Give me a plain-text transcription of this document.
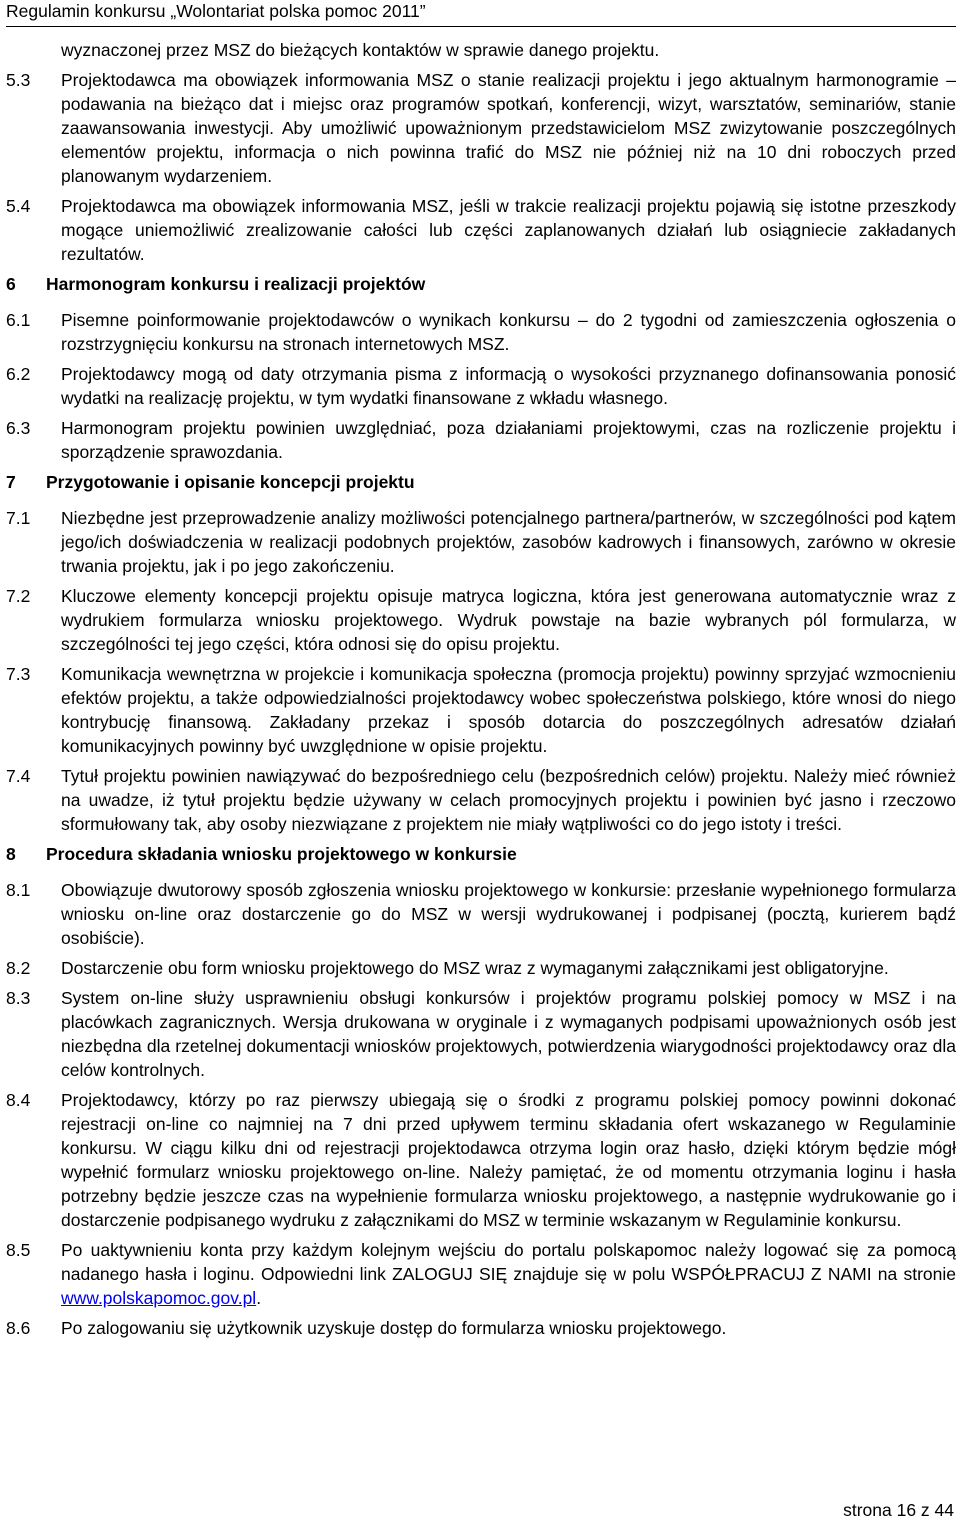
Regulamin konkursu „Wolontariat polska pomoc 2011”
wyznaczonej przez MSZ do bieżących kontaktów w sprawie danego projektu.
5.3	Projektodawca ma obowiązek informowania MSZ o stanie realizacji projektu i jego aktualnym harmonogramie – podawania na bieżąco dat i miejsc oraz programów spotkań, konferencji, wizyt, warsztatów, seminariów, stanie zaawansowania inwestycji. Aby umożliwić upoważnionym przedstawicielom MSZ zwizytowanie poszczególnych elementów projektu, informacja o nich powinna trafić do MSZ nie później niż na 10 dni roboczych przed planowanym wydarzeniem.
5.4	Projektodawca ma obowiązek informowania MSZ, jeśli w trakcie realizacji projektu pojawią się istotne przeszkody mogące uniemożliwić zrealizowanie całości lub części zaplanowanych działań lub osiągniecie zakładanych rezultatów.
6	Harmonogram konkursu i realizacji projektów
6.1	Pisemne poinformowanie projektodawców o wynikach konkursu – do 2 tygodni od zamieszczenia ogłoszenia o rozstrzygnięciu konkursu na stronach internetowych MSZ.
6.2	Projektodawcy mogą od daty otrzymania pisma z informacją o wysokości przyznanego dofinansowania ponosić wydatki na realizację projektu, w tym wydatki finansowane z wkładu własnego.
6.3	Harmonogram projektu powinien uwzględniać, poza działaniami projektowymi, czas na rozliczenie projektu i sporządzenie sprawozdania.
7	Przygotowanie i opisanie koncepcji projektu
7.1	Niezbędne jest przeprowadzenie analizy możliwości potencjalnego partnera/partnerów, w szczególności pod kątem jego/ich doświadczenia w realizacji podobnych projektów, zasobów kadrowych i finansowych, zarówno w okresie trwania projektu, jak i po jego zakończeniu.
7.2	Kluczowe elementy koncepcji projektu opisuje matryca logiczna, która jest generowana automatycznie wraz z wydrukiem formularza wniosku projektowego. Wydruk powstaje na bazie wybranych pól formularza, w szczególności tej jego części, która odnosi się do opisu projektu.
7.3	Komunikacja wewnętrzna w projekcie i komunikacja społeczna (promocja projektu) powinny sprzyjać wzmocnieniu efektów projektu, a także odpowiedzialności projektodawcy wobec społeczeństwa polskiego, które wnosi do niego kontrybucję finansową. Zakładany przekaz i sposób dotarcia do poszczególnych adresatów działań komunikacyjnych powinny być uwzględnione w opisie projektu.
7.4	Tytuł projektu powinien nawiązywać do bezpośredniego celu (bezpośrednich celów) projektu. Należy mieć również na uwadze, iż tytuł projektu będzie używany w celach promocyjnych projektu i powinien być jasno i rzeczowo sformułowany tak, aby osoby niezwiązane z projektem nie miały wątpliwości co do jego istoty i treści.
8	Procedura składania wniosku projektowego w konkursie
8.1	Obowiązuje dwutorowy sposób zgłoszenia wniosku projektowego w konkursie: przesłanie wypełnionego formularza wniosku on-line oraz dostarczenie go do MSZ w wersji wydrukowanej i podpisanej (pocztą, kurierem bądź osobiście).
8.2	Dostarczenie obu form wniosku projektowego do MSZ wraz z wymaganymi załącznikami jest obligatoryjne.
8.3	System on-line służy usprawnieniu obsługi konkursów i projektów programu polskiej pomocy w MSZ i na placówkach zagranicznych. Wersja drukowana w oryginale i z wymaganych podpisami upoważnionych osób jest niezbędna dla rzetelnej dokumentacji wniosków projektowych, potwierdzenia wiarygodności projektodawcy oraz dla celów kontrolnych.
8.4	Projektodawcy, którzy po raz pierwszy ubiegają się o środki z programu polskiej pomocy powinni dokonać rejestracji on-line co najmniej na 7 dni przed upływem terminu składania ofert wskazanego w Regulaminie konkursu. W ciągu kilku dni od rejestracji projektodawca otrzyma login oraz hasło, dzięki którym będzie mógł wypełnić formularz wniosku projektowego on-line. Należy pamiętać, że od momentu otrzymania loginu i hasła potrzebny będzie jeszcze czas na wypełnienie formularza wniosku projektowego, a następnie wydrukowanie go i dostarczenie podpisanego wydruku z załącznikami do MSZ w terminie wskazanym w Regulaminie konkursu.
8.5	Po uaktywnieniu konta przy każdym kolejnym wejściu do portalu polskapomoc należy logować się za pomocą nadanego hasła i loginu. Odpowiedni link ZALOGUJ SIĘ znajduje się w polu WSPÓŁPRACUJ Z NAMI na stronie www.polskapomoc.gov.pl.
8.6	Po zalogowaniu się użytkownik uzyskuje dostęp do formularza wniosku projektowego.
strona 16 z 44
